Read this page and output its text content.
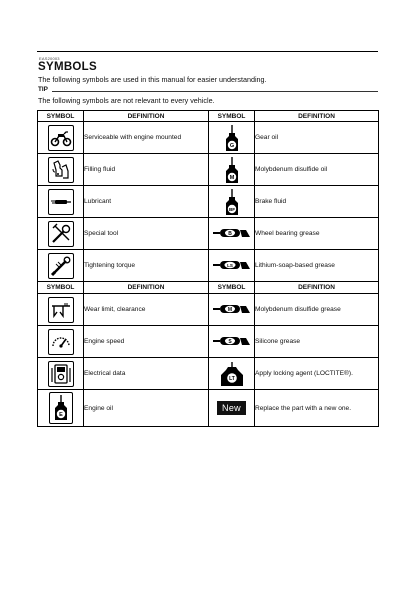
EAS20003
SYMBOLS
The following symbols are used in this manual for easier understanding.
TIP
The following symbols are not relevant to every vehicle.
SYMBOL	DEFINITION	SYMBOL	DEFINITION

	Serviceable with engine mounted	G	Gear oil

	Filling fluid	M	Molybdenum disulfide oil

	Lubricant	BF	Brake fluid

	Special tool	B	Wheel bearing grease

	Tightening torque	LS	Lithium-soap-based grease
SYMBOL	DEFINITION	SYMBOL	DEFINITION

	Wear limit, clearance	M	Molybdenum disulfide grease

	Engine speed	S	Silicone grease

	Electrical data	LT	Apply locking agent (LOCTITE®).

E	Engine oil	New	Replace the part with a new one.
